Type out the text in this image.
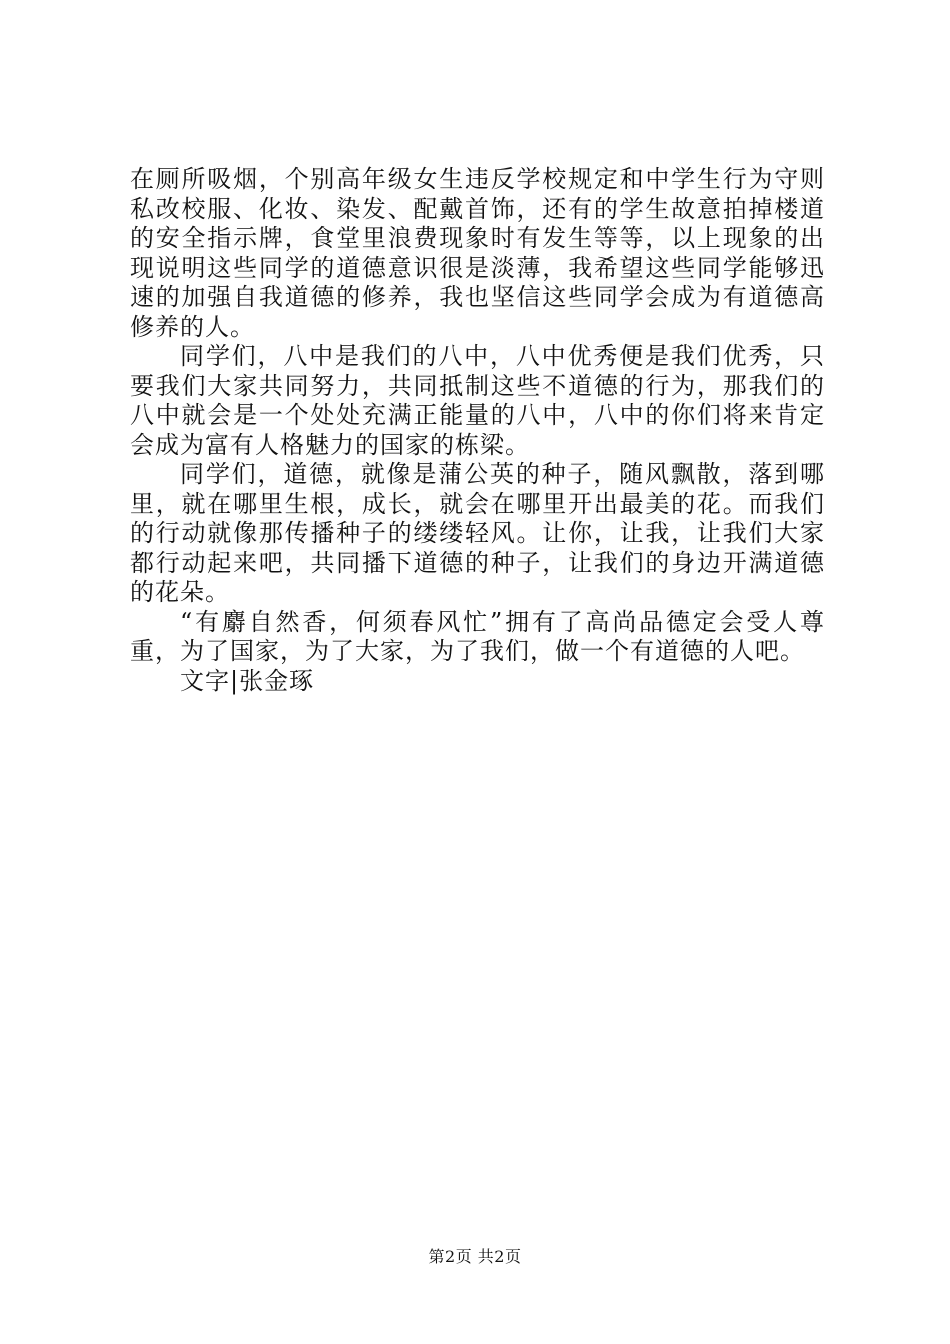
在厕所吸烟，个别高年级女生违反学校规定和中学生行为守则私改校服、化妆、染发、配戴首饰，还有的学生故意拍掉楼道的安全指示牌，食堂里浪费现象时有发生等等，以上现象的出现说明这些同学的道德意识很是淡薄，我希望这些同学能够迅速的加强自我道德的修养，我也坚信这些同学会成为有道德高修养的人。

同学们，八中是我们的八中，八中优秀便是我们优秀，只要我们大家共同努力，共同抵制这些不道德的行为，那我们的八中就会是一个处处充满正能量的八中，八中的你们将来肯定会成为富有人格魅力的国家的栋梁。

同学们，道德，就像是蒲公英的种子，随风飘散，落到哪里，就在哪里生根，成长，就会在哪里开出最美的花。而我们的行动就像那传播种子的缕缕轻风。让你，让我，让我们大家都行动起来吧，共同播下道德的种子，让我们的身边开满道德的花朵。

“有麝自然香，何须春风忙”拥有了高尚品德定会受人尊重，为了国家，为了大家，为了我们，做一个有道德的人吧。

文字|张金琢

第2页 共2页
